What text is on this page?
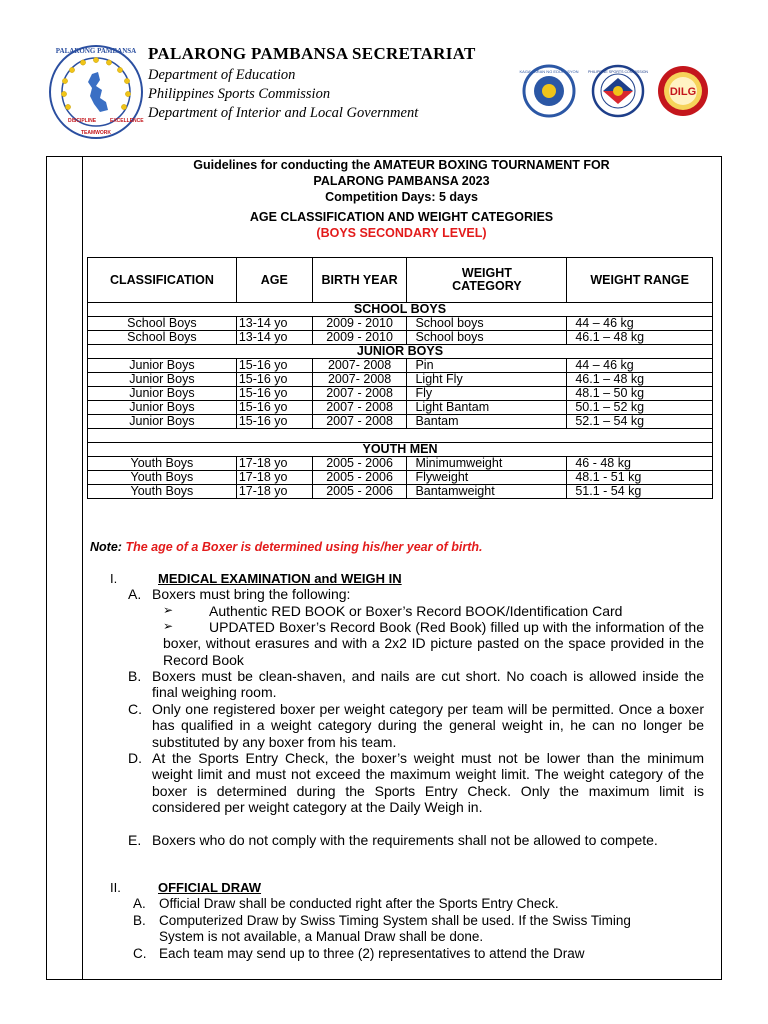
PALARONG PAMBANSA
DISCIPLINE
TEAMWORK
EXCELLENCE
PALARONG PAMBANSA SECRETARIAT
Department of Education
Philippines Sports Commission
Department of Interior and Local Government
KAGAWARAN NG EDUKASYON	PHILIPPINE SPORTS COMMISSION
DILG
Guidelines for conducting the AMATEUR BOXING TOURNAMENT FOR
PALARONG PAMBANSA 2023
Competition Days: 5 days
AGE CLASSIFICATION AND WEIGHT CATEGORIES
(BOYS SECONDARY LEVEL)
CLASSIFICATION	AGE	BIRTH YEAR	WEIGHT CATEGORY	WEIGHT RANGE
SCHOOL BOYS				
School Boys	13-14 yo	2009 - 2010	School boys	44 – 46 kg
School Boys	13-14 yo	2009 - 2010	School boys	46.1 – 48 kg
JUNIOR BOYS				
Junior Boys	15-16 yo	2007- 2008	Pin	44 – 46 kg
Junior Boys	15-16 yo	2007- 2008	Light Fly	46.1 – 48 kg
Junior Boys	15-16 yo	2007 - 2008	Fly	48.1 – 50 kg
Junior Boys	15-16 yo	2007 - 2008	Light Bantam	50.1 – 52 kg
Junior Boys	15-16 yo	2007 - 2008	Bantam	52.1 – 54 kg

YOUTH MEN				
Youth Boys	17-18 yo	2005 - 2006	Minimumweight	46 - 48 kg
Youth Boys	17-18 yo	2005 - 2006	Flyweight	48.1 - 51 kg
Youth Boys	17-18 yo	2005 - 2006	Bantamweight	51.1 - 54 kg
Note: The age of a Boxer is determined using his/her year of birth.
I.	MEDICAL EXAMINATION and WEIGH IN
A. Boxers must bring the following:
➢	Authentic RED BOOK or Boxer’s Record BOOK/Identification Card
➢	UPDATED Boxer’s Record Book (Red Book) filled up with the information of the boxer, without erasures and with a 2x2 ID picture pasted on the space provided in the Record Book
B. Boxers must be clean-shaven, and nails are cut short. No coach is allowed inside the final weighing room.
C. Only one registered boxer per weight category per team will be permitted. Once a boxer has qualified in a weight category during the general weight in, he can no longer be substituted by any boxer from his team.
D. At the Sports Entry Check, the boxer’s weight must not be lower than the minimum weight limit and must not exceed the maximum weight limit. The weight category of the boxer is determined during the Sports Entry Check. Only the maximum limit is considered per weight category at the Daily Weigh in.
E. Boxers who do not comply with the requirements shall not be allowed to compete.
II.	OFFICIAL DRAW
A. Official Draw shall be conducted right after the Sports Entry Check.
B. Computerized Draw by Swiss Timing System shall be used. If the Swiss Timing System is not available, a Manual Draw shall be done.
C. Each team may send up to three (2) representatives to attend the Draw
